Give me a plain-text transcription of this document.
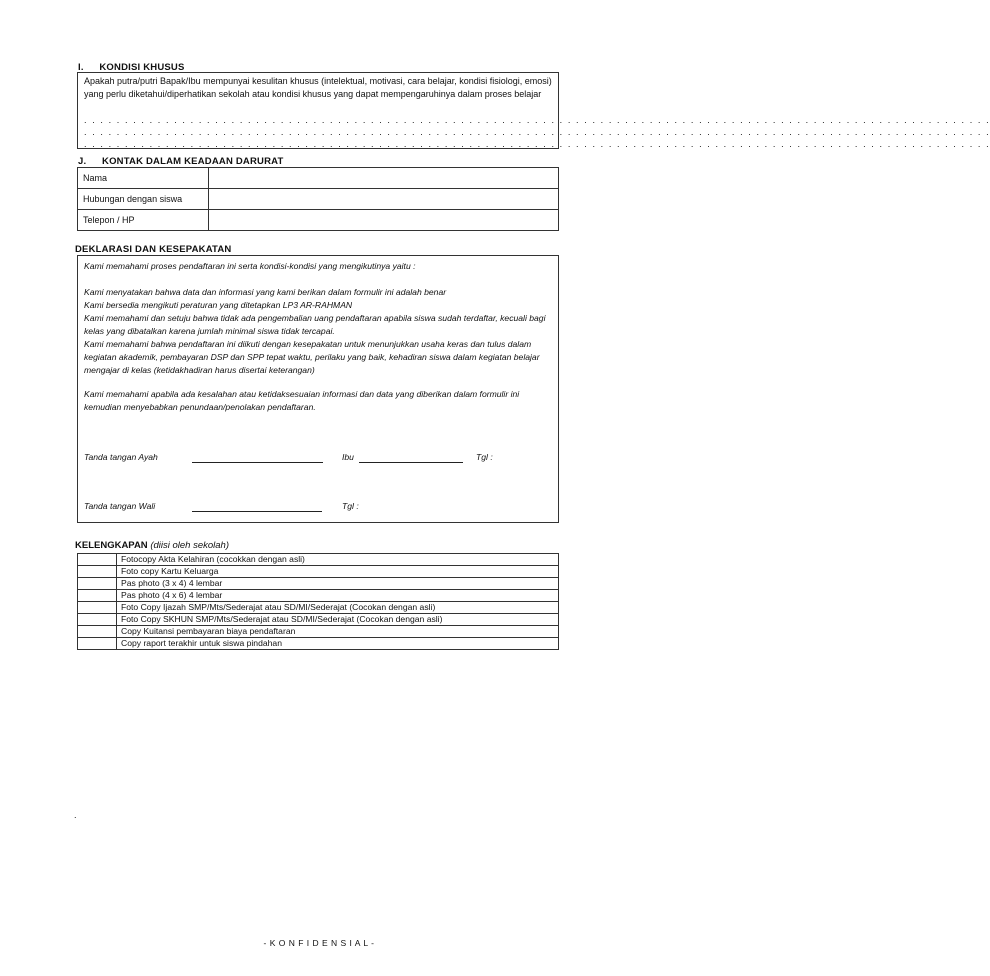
I. KONDISI KHUSUS
Apakah putra/putri Bapak/Ibu mempunyai kesulitan khusus (intelektual, motivasi, cara belajar, kondisi fisiologi, emosi) yang perlu diketahui/diperhatikan sekolah atau kondisi khusus yang dapat mempengaruhinya dalam proses belajar
. . . . . . . . . . . . . . . . . . . . . . . . . . . . . . . . . . . . . . . . . . . . . . . . . . . . . . . . . . . . . . . . . . . . . . . . . . . . . . . . . . . . . . . . . . . . . . . . . . . . . . . . . . . . . . .
. . . . . . . . . . . . . . . . . . . . . . . . . . . . . . . . . . . . . . . . . . . . . . . . . . . . . . . . . . . . . . . . . . . . . . . . . . . . . . . . . . . . . . . . . . . . . . . . . . . . . . . . . . . . . . .
. . . . . . . . . . . . . . . . . . . . . . . . . . . . . . . . . . . . . . . . . . . . . . . . . . . . . . . . . . . . . . . . . . . . . . . . . . . . . . . . . . . . . . . . . . . . . . . . . . . . . . . . . . . . . . .
J. KONTAK DALAM KEADAAN DARURAT
Nama	
Hubungan dengan siswa	
Telepon / HP	
DEKLARASI DAN KESEPAKATAN
Kami memahami proses pendaftaran ini serta kondisi-kondisi yang mengikutinya yaitu :
Kami menyatakan bahwa data dan informasi yang kami berikan dalam formulir ini adalah benar
Kami bersedia mengikuti peraturan yang ditetapkan LP3 AR-RAHMAN
Kami memahami dan setuju bahwa tidak ada pengembalian uang pendaftaran apabila siswa sudah terdaftar, kecuali bagi kelas yang dibatalkan karena jumlah minimal siswa tidak tercapai.
Kami memahami bahwa pendaftaran ini diikuti dengan kesepakatan untuk menunjukkan usaha keras dan tulus dalam kegiatan akademik, pembayaran DSP dan SPP tepat waktu, perilaku yang baik, kehadiran siswa dalam kegiatan belajar mengajar di kelas (ketidakhadiran harus disertai keterangan)
Kami memahami apabila ada kesalahan atau ketidaksesuaian informasi dan data yang diberikan dalam formulir ini kemudian menyebabkan penundaan/penolakan pendaftaran.
Tanda tangan Ayah	Ibu	Tgl :
Tanda tangan Wali	Tgl :
KELENGKAPAN (diisi oleh sekolah)
	Fotocopy Akta Kelahiran (cocokkan dengan asli)
	Foto copy Kartu Keluarga
	Pas photo (3 x 4) 4 lembar
	Pas photo (4 x 6) 4 lembar
	Foto Copy Ijazah SMP/Mts/Sederajat atau SD/MI/Sederajat (Cocokan dengan asli)
	Foto Copy SKHUN SMP/Mts/Sederajat atau SD/MI/Sederajat (Cocokan dengan asli)
	Copy Kuitansi pembayaran biaya pendaftaran
	Copy raport terakhir untuk siswa pindahan
.
- K O N F I D E N S I A L -
